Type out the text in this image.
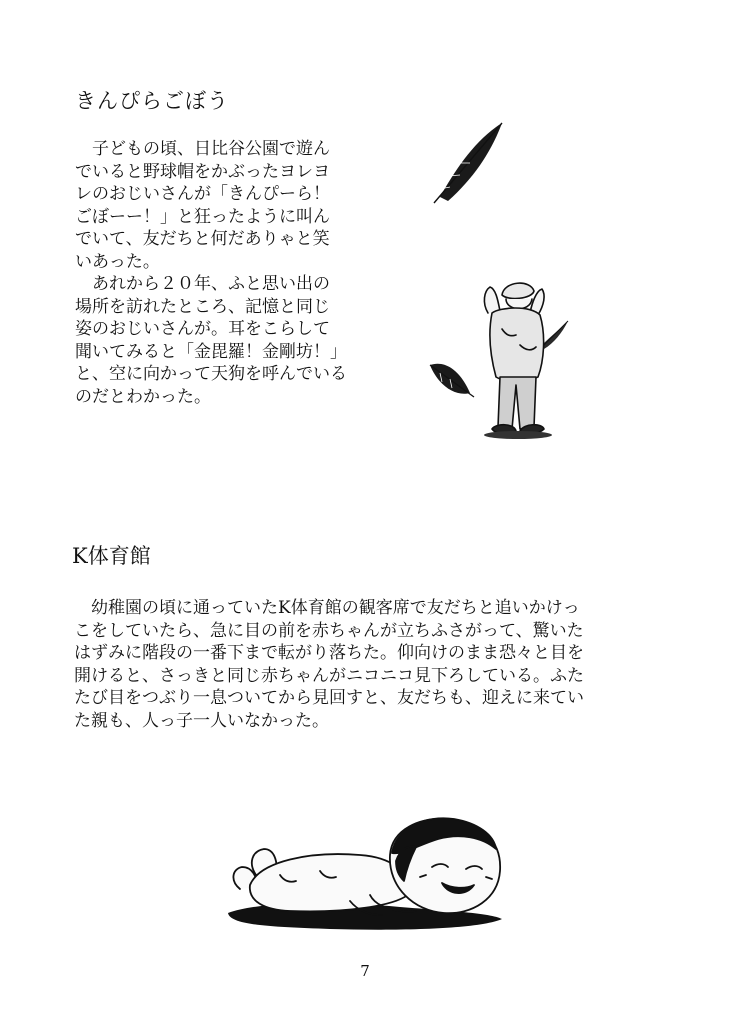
きんぴらごぼう
　子どもの頃、日比谷公園で遊ん
でいると野球帽をかぶったヨレヨ
レのおじいさんが「きんぴーら！
ごぼーー！」と狂ったように叫ん
でいて、友だちと何だありゃと笑
いあった。
　あれから２０年、ふと思い出の
場所を訪れたところ、記憶と同じ
姿のおじいさんが。耳をこらして
聞いてみると「金毘羅！金剛坊！」
と、空に向かって天狗を呼んでいる
のだとわかった。
K体育館
　幼稚園の頃に通っていたK体育館の観客席で友だちと追いかけっ
こをしていたら、急に目の前を赤ちゃんが立ちふさがって、驚いた
はずみに階段の一番下まで転がり落ちた。仰向けのまま恐々と目を
開けると、さっきと同じ赤ちゃんがニコニコ見下ろしている。ふた
たび目をつぶり一息ついてから見回すと、友だちも、迎えに来てい
た親も、人っ子一人いなかった。
7
